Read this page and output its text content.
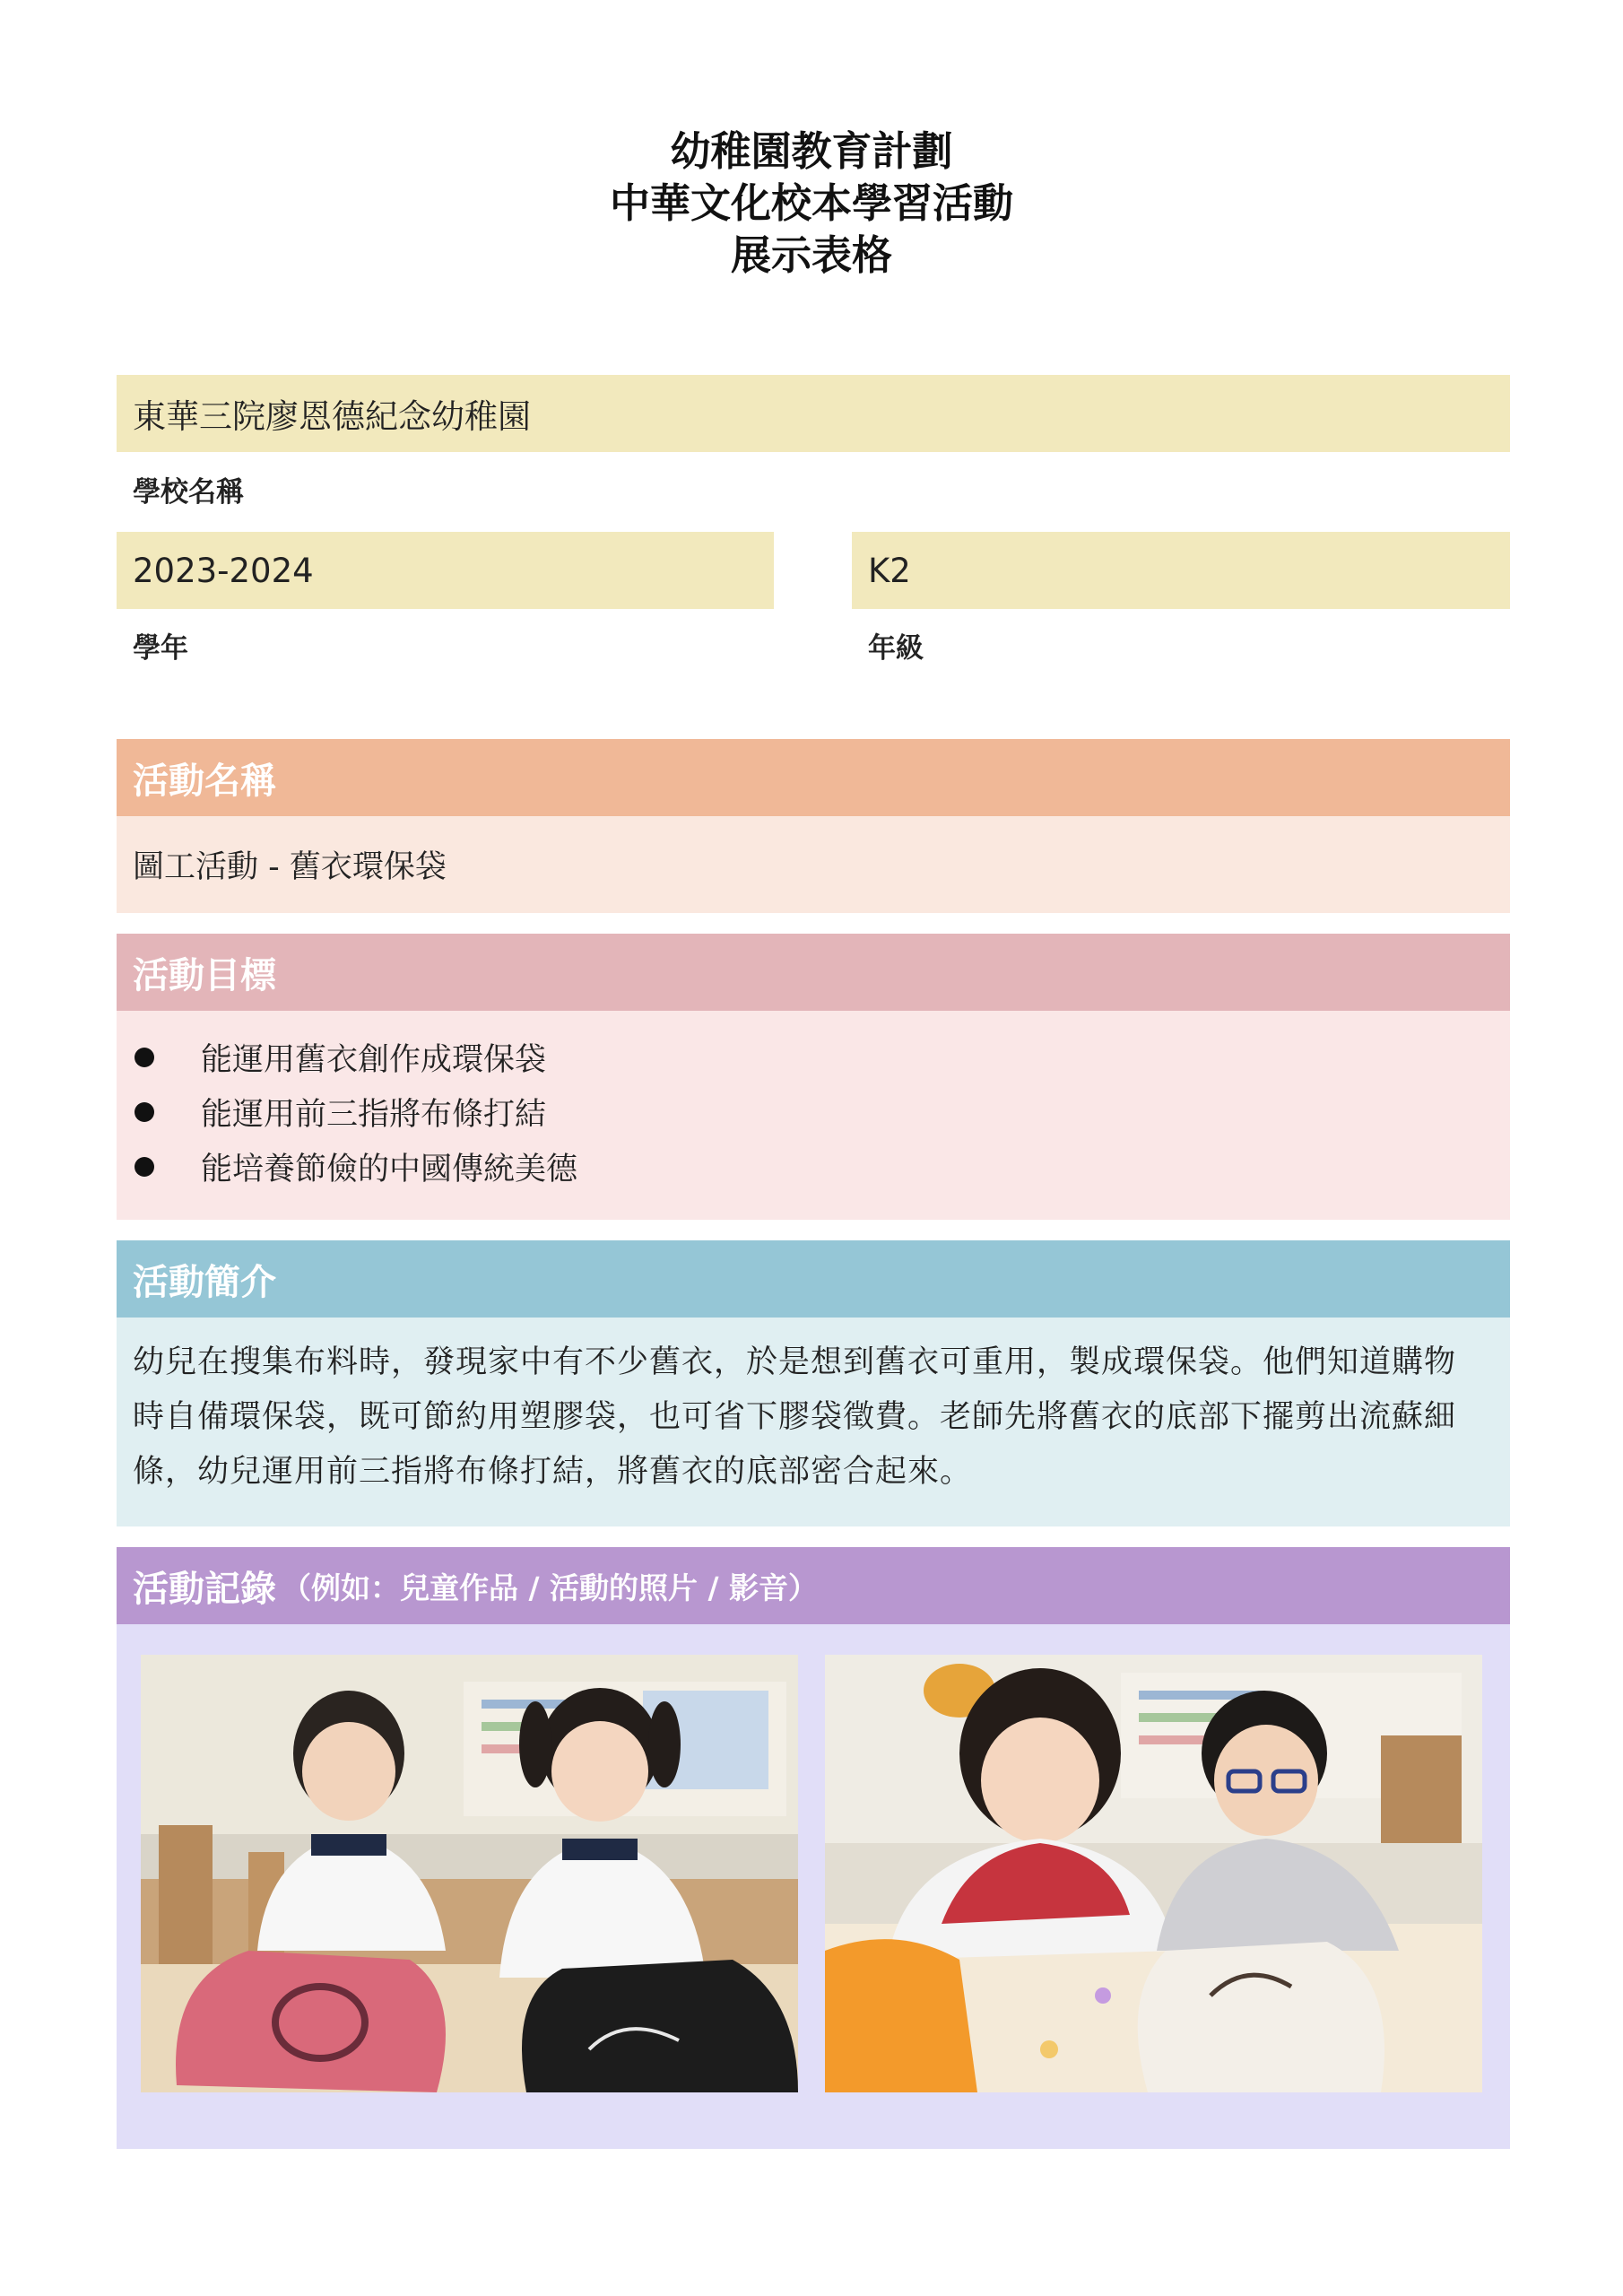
幼稚園教育計劃
中華文化校本學習活動
展示表格
東華三院廖恩德紀念幼稚園
學校名稱
2023-2024
學年
K2
年級
活動名稱
圖工活動 - 舊衣環保袋
活動目標
能運用舊衣創作成環保袋
能運用前三指將布條打結
能培養節儉的中國傳統美德
活動簡介
幼兒在搜集布料時，發現家中有不少舊衣，於是想到舊衣可重用，製成環保袋。他們知道購物
時自備環保袋，既可節約用塑膠袋，也可省下膠袋徵費。老師先將舊衣的底部下擺剪出流蘇細
條，幼兒運用前三指將布條打結，將舊衣的底部密合起來。
活動記錄 （例如：兒童作品 / 活動的照片 / 影音）
